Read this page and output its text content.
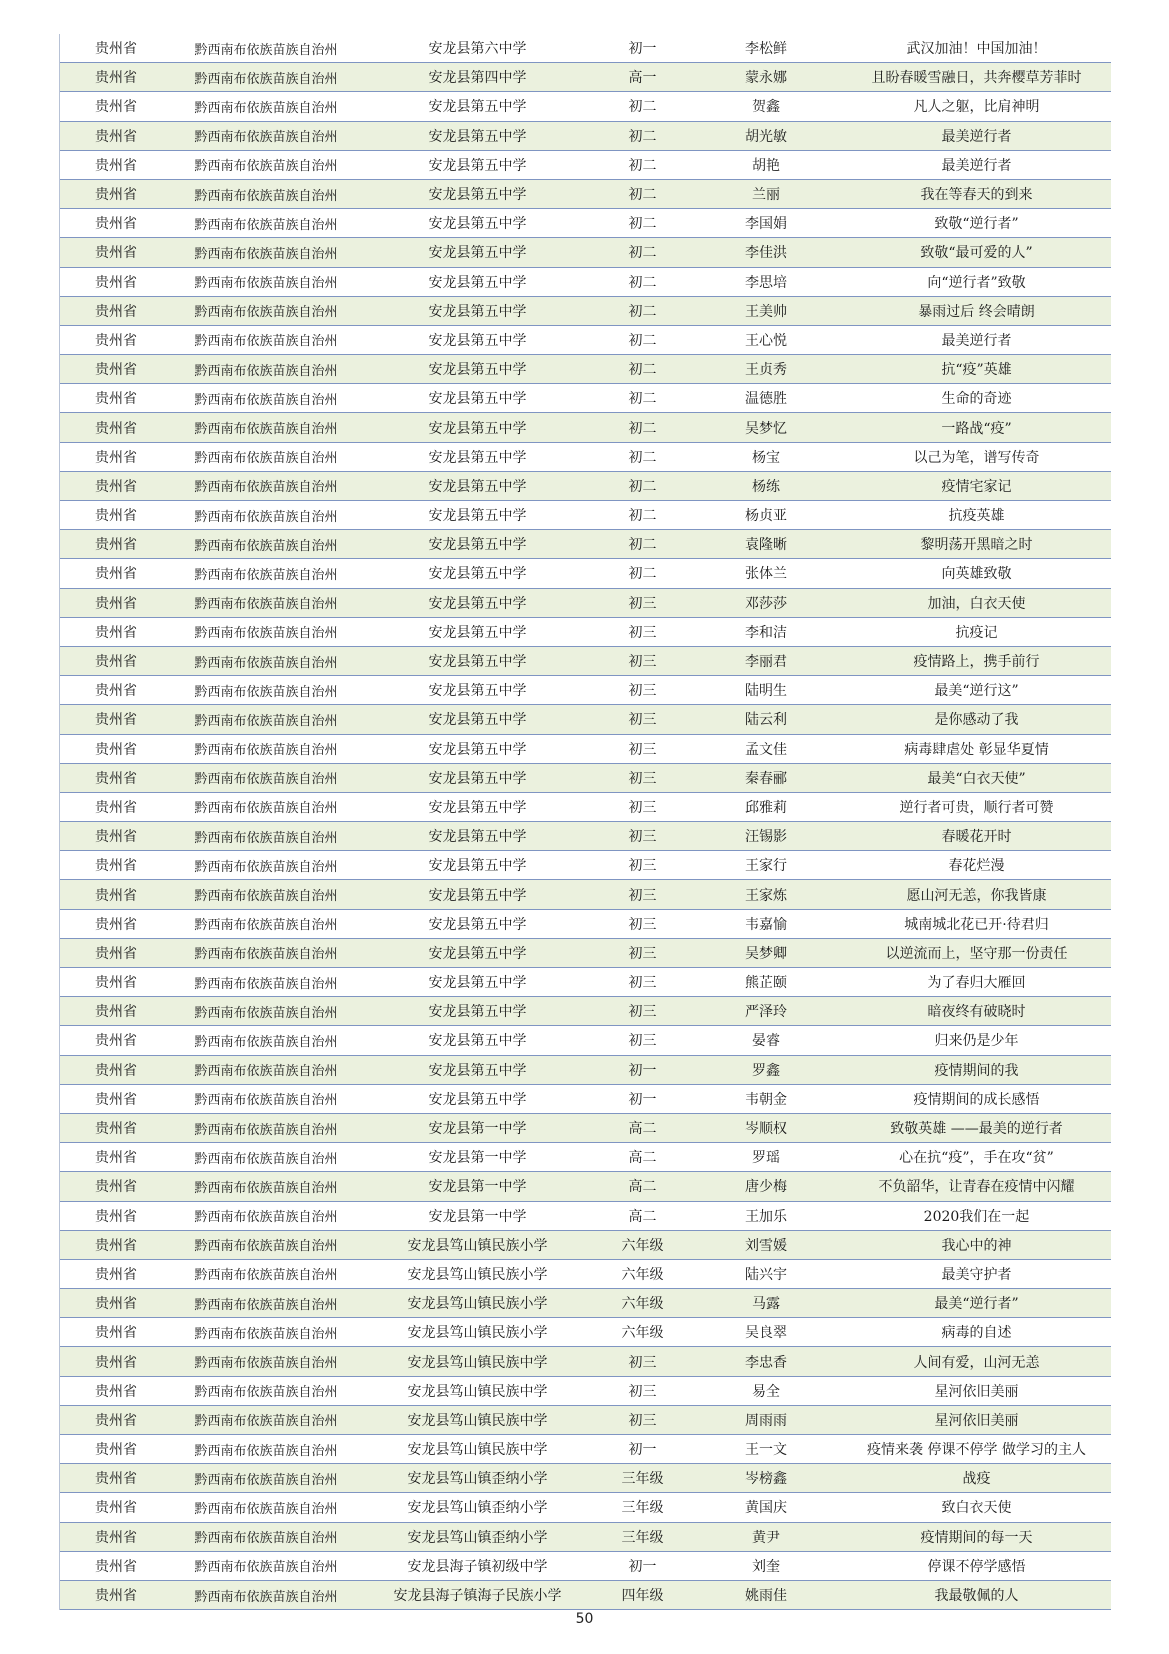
贵州省	黔西南布依族苗族自治州	安龙县第六中学	初一	李松鲜	武汉加油！中国加油！
贵州省	黔西南布依族苗族自治州	安龙县第四中学	高一	蒙永娜	且盼春暖雪融日，共奔樱草芳菲时
贵州省	黔西南布依族苗族自治州	安龙县第五中学	初二	贺鑫	凡人之躯，比肩神明
贵州省	黔西南布依族苗族自治州	安龙县第五中学	初二	胡光敏	最美逆行者
贵州省	黔西南布依族苗族自治州	安龙县第五中学	初二	胡艳	最美逆行者
贵州省	黔西南布依族苗族自治州	安龙县第五中学	初二	兰丽	我在等春天的到来
贵州省	黔西南布依族苗族自治州	安龙县第五中学	初二	李国娟	致敬“逆行者”
贵州省	黔西南布依族苗族自治州	安龙县第五中学	初二	李佳洪	致敬“最可爱的人”
贵州省	黔西南布依族苗族自治州	安龙县第五中学	初二	李思培	向“逆行者”致敬
贵州省	黔西南布依族苗族自治州	安龙县第五中学	初二	王美帅	暴雨过后 终会晴朗
贵州省	黔西南布依族苗族自治州	安龙县第五中学	初二	王心悦	最美逆行者
贵州省	黔西南布依族苗族自治州	安龙县第五中学	初二	王贞秀	抗“疫”英雄
贵州省	黔西南布依族苗族自治州	安龙县第五中学	初二	温德胜	生命的奇迹
贵州省	黔西南布依族苗族自治州	安龙县第五中学	初二	吴梦忆	一路战“疫”
贵州省	黔西南布依族苗族自治州	安龙县第五中学	初二	杨宝	以己为笔，谱写传奇
贵州省	黔西南布依族苗族自治州	安龙县第五中学	初二	杨练	疫情宅家记
贵州省	黔西南布依族苗族自治州	安龙县第五中学	初二	杨贞亚	抗疫英雄
贵州省	黔西南布依族苗族自治州	安龙县第五中学	初二	袁隆晰	黎明荡开黑暗之时
贵州省	黔西南布依族苗族自治州	安龙县第五中学	初二	张体兰	向英雄致敬
贵州省	黔西南布依族苗族自治州	安龙县第五中学	初三	邓莎莎	加油，白衣天使
贵州省	黔西南布依族苗族自治州	安龙县第五中学	初三	李和洁	抗疫记
贵州省	黔西南布依族苗族自治州	安龙县第五中学	初三	李丽君	疫情路上，携手前行
贵州省	黔西南布依族苗族自治州	安龙县第五中学	初三	陆明生	最美“逆行这”
贵州省	黔西南布依族苗族自治州	安龙县第五中学	初三	陆云利	是你感动了我
贵州省	黔西南布依族苗族自治州	安龙县第五中学	初三	孟文佳	病毒肆虐处 彰显华夏情
贵州省	黔西南布依族苗族自治州	安龙县第五中学	初三	秦春郦	最美“白衣天使”
贵州省	黔西南布依族苗族自治州	安龙县第五中学	初三	邱雅莉	逆行者可贵，顺行者可赞
贵州省	黔西南布依族苗族自治州	安龙县第五中学	初三	汪锡影	春暖花开时
贵州省	黔西南布依族苗族自治州	安龙县第五中学	初三	王家行	春花烂漫
贵州省	黔西南布依族苗族自治州	安龙县第五中学	初三	王家炼	愿山河无恙，你我皆康
贵州省	黔西南布依族苗族自治州	安龙县第五中学	初三	韦嘉愉	城南城北花已开·待君归
贵州省	黔西南布依族苗族自治州	安龙县第五中学	初三	吴梦卿	以逆流而上，坚守那一份责任
贵州省	黔西南布依族苗族自治州	安龙县第五中学	初三	熊芷颐	为了春归大雁回
贵州省	黔西南布依族苗族自治州	安龙县第五中学	初三	严泽玲	暗夜终有破晓时
贵州省	黔西南布依族苗族自治州	安龙县第五中学	初三	晏睿	归来仍是少年
贵州省	黔西南布依族苗族自治州	安龙县第五中学	初一	罗鑫	疫情期间的我
贵州省	黔西南布依族苗族自治州	安龙县第五中学	初一	韦朝金	疫情期间的成长感悟
贵州省	黔西南布依族苗族自治州	安龙县第一中学	高二	岑顺权	致敬英雄 ——最美的逆行者
贵州省	黔西南布依族苗族自治州	安龙县第一中学	高二	罗瑶	心在抗“疫”，手在攻“贫”
贵州省	黔西南布依族苗族自治州	安龙县第一中学	高二	唐少梅	不负韶华，让青春在疫情中闪耀
贵州省	黔西南布依族苗族自治州	安龙县第一中学	高二	王加乐	2020我们在一起
贵州省	黔西南布依族苗族自治州	安龙县笃山镇民族小学	六年级	刘雪媛	我心中的神
贵州省	黔西南布依族苗族自治州	安龙县笃山镇民族小学	六年级	陆兴宇	最美守护者
贵州省	黔西南布依族苗族自治州	安龙县笃山镇民族小学	六年级	马露	最美“逆行者”
贵州省	黔西南布依族苗族自治州	安龙县笃山镇民族小学	六年级	吴良翠	病毒的自述
贵州省	黔西南布依族苗族自治州	安龙县笃山镇民族中学	初三	李忠香	人间有爱，山河无恙
贵州省	黔西南布依族苗族自治州	安龙县笃山镇民族中学	初三	易全	星河依旧美丽
贵州省	黔西南布依族苗族自治州	安龙县笃山镇民族中学	初三	周雨雨	星河依旧美丽
贵州省	黔西南布依族苗族自治州	安龙县笃山镇民族中学	初一	王一文	疫情来袭 停课不停学 做学习的主人
贵州省	黔西南布依族苗族自治州	安龙县笃山镇歪纳小学	三年级	岑榜鑫	战疫
贵州省	黔西南布依族苗族自治州	安龙县笃山镇歪纳小学	三年级	黄国庆	致白衣天使
贵州省	黔西南布依族苗族自治州	安龙县笃山镇歪纳小学	三年级	黄尹	疫情期间的每一天
贵州省	黔西南布依族苗族自治州	安龙县海子镇初级中学	初一	刘奎	停课不停学感悟
贵州省	黔西南布依族苗族自治州	安龙县海子镇海子民族小学	四年级	姚雨佳	我最敬佩的人
50
